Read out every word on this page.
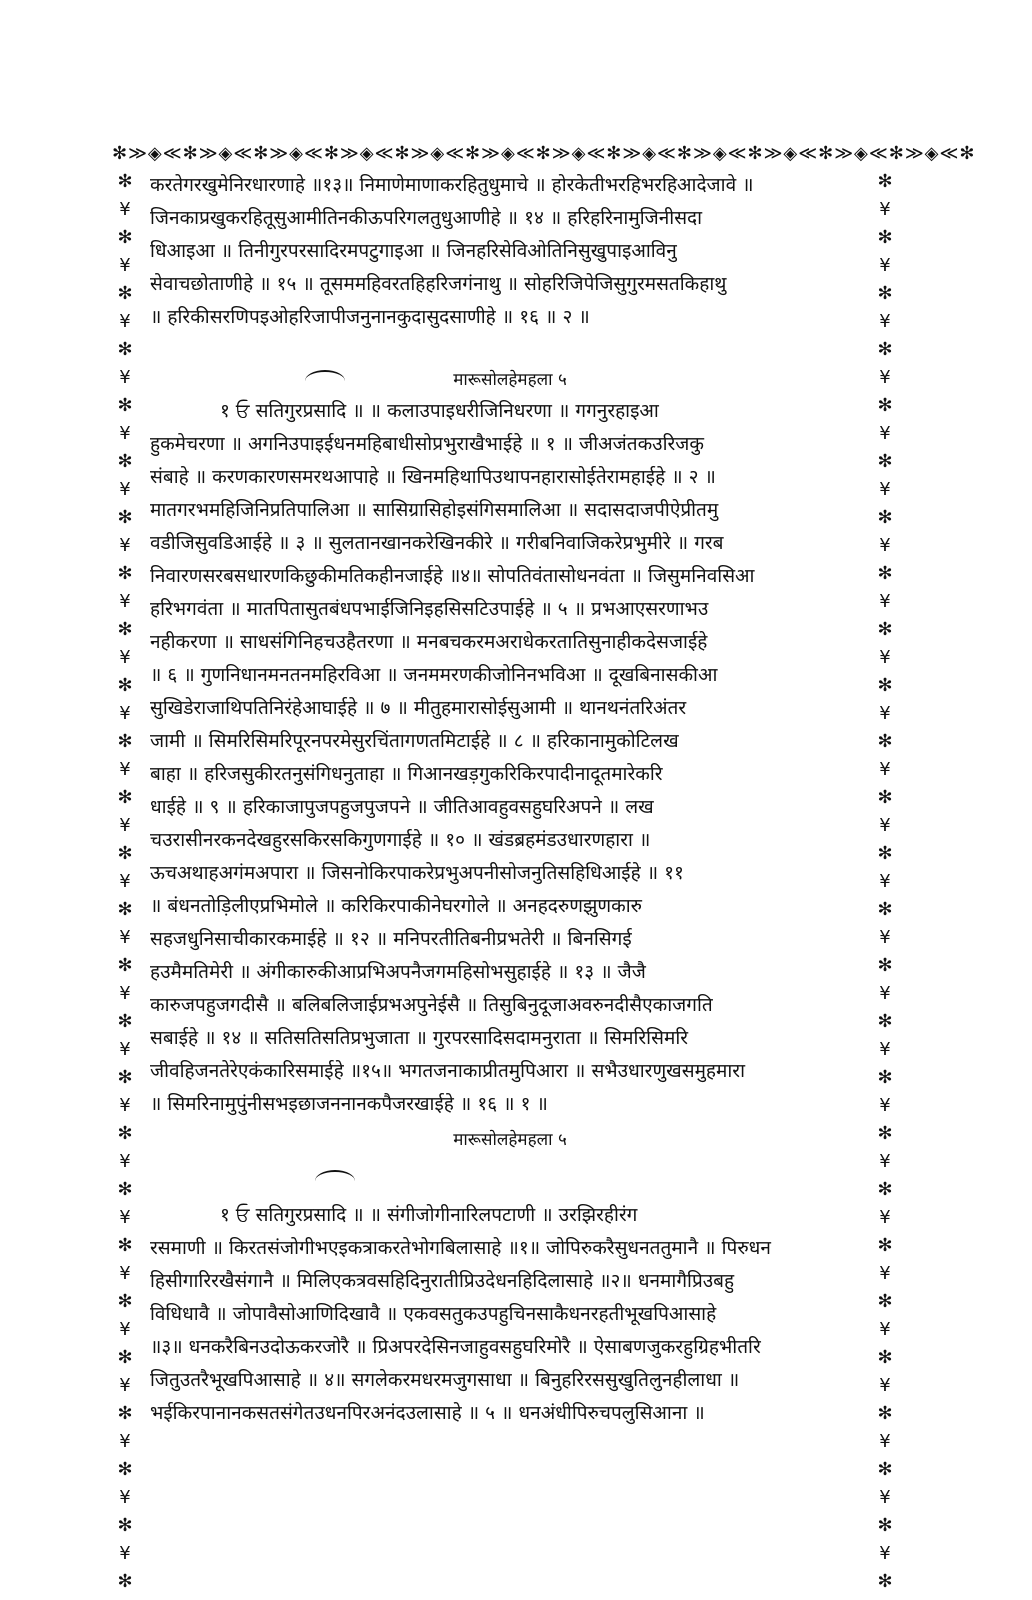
✻≫◈≪✻≫◈≪✻≫◈≪✻≫◈≪✻≫◈≪✻≫◈≪✻≫◈≪✻≫◈≪✻≫◈≪✻≫◈≪✻≫◈≪✻≫◈≪✻
✻
¥
✻
¥
✻
¥
✻
¥
✻
¥
✻
¥
✻
¥
✻
¥
✻
¥
✻
¥
✻
¥
✻
¥
✻
¥
✻
¥
✻
¥
✻
¥
✻
¥
✻
¥
✻
¥
✻
¥
✻
¥
✻
¥
✻
¥
✻
¥
✻
¥
✻
✻
¥
✻
¥
✻
¥
✻
¥
✻
¥
✻
¥
✻
¥
✻
¥
✻
¥
✻
¥
✻
¥
✻
¥
✻
¥
✻
¥
✻
¥
✻
¥
✻
¥
✻
¥
✻
¥
✻
¥
✻
¥
✻
¥
✻
¥
✻
¥
✻
¥
✻
करतेगरखुमेनिरधारणाहे ॥१३॥ निमाणेमाणाकरहितुधुमाचे ॥ होरकेतीभरहिभरहिआदेजावे ॥
जिनकाप्रखुकरहितूसुआमीतिनकीऊपरिगलतुधुआणीहे ॥ १४ ॥ हरिहरिनामुजिनीसदा
धिआइआ ॥ तिनीगुरपरसादिरमपटुगाइआ ॥ जिनहरिसेविओतिनिसुखुपाइआविनु
सेवाचछोताणीहे ॥ १५ ॥ तूसममहिवरतहिहरिजगंनाथु ॥ सोहरिजिपेजिसुगुरमसतकिहाथु
॥ हरिकीसरणिपइओहरिजापीजनुनानकुदासुदसाणीहे ॥ १६ ॥ २ ॥
मारूसोलहेमहला ५
१ ਓ सतिगुरप्रसादि ॥ ॥ कलाउपाइधरीजिनिधरणा ॥ गगनुरहाइआ
हुकमेचरणा ॥ अगनिउपाइईधनमहिबाधीसोप्रभुराखैभाईहे ॥ १ ॥ जीअजंतकउरिजकु
संबाहे ॥ करणकारणसमरथआपाहे ॥ खिनमहिथापिउथापनहारासोईतेरामहाईहे ॥ २ ॥
मातगरभमहिजिनिप्रतिपालिआ ॥ सासिग्रासिहोइसंगिसमालिआ ॥ सदासदाजपीऐप्रीतमु
वडीजिसुवडिआईहे ॥ ३ ॥ सुलतानखानकरेखिनकीरे ॥ गरीबनिवाजिकरेप्रभुमीरे ॥ गरब
निवारणसरबसधारणकिछुकीमतिकहीनजाईहे ॥४॥ सोपतिवंतासोधनवंता ॥ जिसुमनिवसिआ
हरिभगवंता ॥ मातपितासुतबंधपभाईजिनिइहसिसटिउपाईहे ॥ ५ ॥ प्रभआएसरणाभउ
नहीकरणा ॥ साधसंगिनिहचउहैतरणा ॥ मनबचकरमअराधेकरतातिसुनाहीकदेसजाईहे
॥ ६ ॥ गुणनिधानमनतनमहिरविआ ॥ जनममरणकीजोनिनभविआ ॥ दूखबिनासकीआ
सुखिडेराजाथिपतिनिरंहेआघाईहे ॥ ७ ॥ मीतुहमारासोईसुआमी ॥ थानथनंतरिअंतर
जामी ॥ सिमरिसिमरिपूरनपरमेसुरचिंतागणतमिटाईहे ॥ ८ ॥ हरिकानामुकोटिलख
बाहा ॥ हरिजसुकीरतनुसंगिधनुताहा ॥ गिआनखड़गुकरिकिरपादीनादूतमारेकरि
धाईहे ॥ ९ ॥ हरिकाजापुजपहुजपुजपने ॥ जीतिआवहुवसहुघरिअपने ॥ लख
चउरासीनरकनदेखहुरसकिरसकिगुणगाईहे ॥ १० ॥ खंडब्रहमंडउधारणहारा ॥
ऊचअथाहअगंमअपारा ॥ जिसनोकिरपाकरेप्रभुअपनीसोजनुतिसहिधिआईहे ॥ ११
॥ बंधनतोड़िलीएप्रभिमोले ॥ करिकिरपाकीनेघरगोले ॥ अनहदरुणझुणकारु
सहजधुनिसाचीकारकमाईहे ॥ १२ ॥ मनिपरतीतिबनीप्रभतेरी ॥ बिनसिगई
हउमैमतिमेरी ॥ अंगीकारुकीआप्रभिअपनैजगमहिसोभसुहाईहे ॥ १३ ॥ जैजै
कारुजपहुजगदीसै ॥ बलिबलिजाईप्रभअपुनेईसै ॥ तिसुबिनुदूजाअवरुनदीसैएकाजगति
सबाईहे ॥ १४ ॥ सतिसतिसतिप्रभुजाता ॥ गुरपरसादिसदामनुराता ॥ सिमरिसिमरि
जीवहिजनतेरेएकंकारिसमाईहे ॥१५॥ भगतजनाकाप्रीतमुपिआरा ॥ सभैउधारणुखसमुहमारा
॥ सिमरिनामुपुंनीसभइछाजननानकपैजरखाईहे ॥ १६ ॥ १ ॥
मारूसोलहेमहला ५
१ ਓ सतिगुरप्रसादि ॥ ॥ संगीजोगीनारिलपटाणी ॥ उरझिरहीरंग
रसमाणी ॥ किरतसंजोगीभएइकत्राकरतेभोगबिलासाहे ॥१॥ जोपिरुकरैसुधनततुमानै ॥ पिरुधन
हिसीगारिरखैसंगानै ॥ मिलिएकत्रवसहिदिनुरातीप्रिउदेधनहिदिलासाहे ॥२॥ धनमागैप्रिउबहु
विधिधावै ॥ जोपावैसोआणिदिखावै ॥ एकवसतुकउपहुचिनसाकैधनरहतीभूखपिआसाहे
॥३॥ धनकरैबिनउदोऊकरजोरै ॥ प्रिअपरदेसिनजाहुवसहुघरिमोरै ॥ ऐसाबणजुकरहुग्रिहभीतरि
जितुउतरैभूखपिआसाहे ॥ ४॥ सगलेकरमधरमजुगसाधा ॥ बिनुहरिरससुखुतिलुनहीलाधा ॥
भईकिरपानानकसतसंगेतउधनपिरअनंदउलासाहे ॥ ५ ॥ धनअंधीपिरुचपलुसिआना ॥
